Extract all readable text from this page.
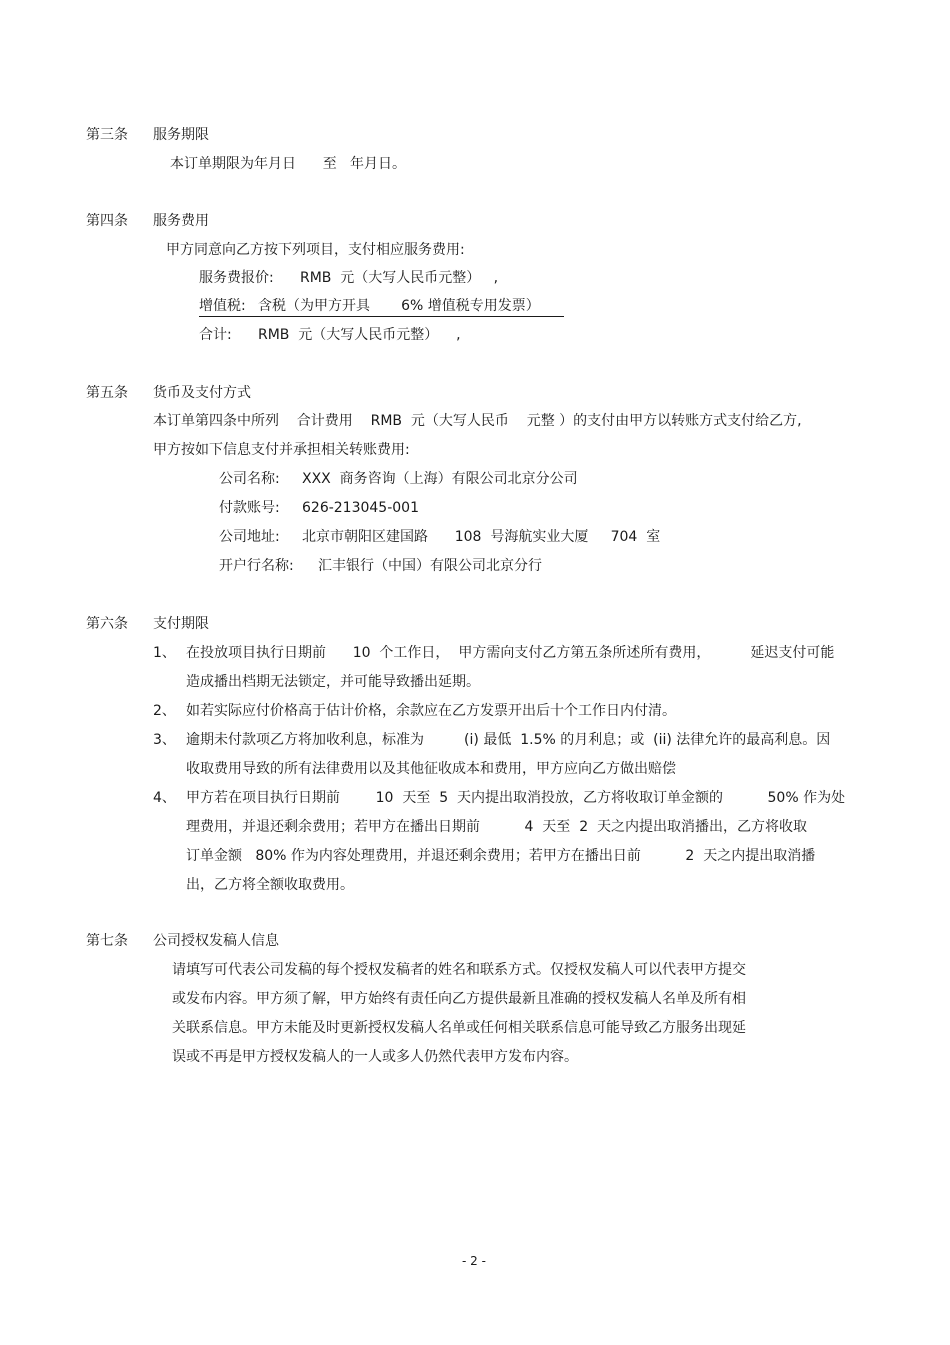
第三条 服务期限
本订单期限为年月日      至   年月日。
第四条 服务费用
甲方同意向乙方按下列项目，支付相应服务费用:
服务费报价: RMB  元（大写人民币元整）   ,
增值税: 含税（为甲方开具       6% 增值税专用发票）
合计: RMB  元（大写人民币元整）    ,
第五条 货币及支付方式
本订单第四条中所列    合计费用    RMB  元（大写人民币    元整 ）的支付由甲方以转账方式支付给乙方,
甲方按如下信息支付并承担相关转账费用:
公司名称: XXX  商务咨询（上海）有限公司北京分公司
付款账号: 626-213045-001
公司地址: 北京市朝阳区建国路      108  号海航实业大厦     704  室
开户行名称: 汇丰银行（中国）有限公司北京分行
第六条 支付期限
1、 在投放项目执行日期前      10  个工作日，  甲方需向支付乙方第五条所述所有费用，         延迟支付可能
造成播出档期无法锁定，并可能导致播出延期。
2、 如若实际应付价格高于估计价格，余款应在乙方发票开出后十个工作日内付清。
3、 逾期未付款项乙方将加收利息，标准为         (i) 最低  1.5% 的月利息；或  (ii) 法律允许的最高利息。因
收取费用导致的所有法律费用以及其他征收成本和费用，甲方应向乙方做出赔偿
4、 甲方若在项目执行日期前        10  天至  5  天内提出取消投放，乙方将收取订单金额的          50% 作为处
理费用，并退还剩余费用；若甲方在播出日期前          4  天至  2  天之内提出取消播出，乙方将收取
订单金额   80% 作为内容处理费用，并退还剩余费用；若甲方在播出日前          2  天之内提出取消播
出，乙方将全额收取费用。
第七条 公司授权发稿人信息
请填写可代表公司发稿的每个授权发稿者的姓名和联系方式。仅授权发稿人可以代表甲方提交
或发布内容。甲方须了解，甲方始终有责任向乙方提供最新且准确的授权发稿人名单及所有相
关联系信息。甲方未能及时更新授权发稿人名单或任何相关联系信息可能导致乙方服务出现延
误或不再是甲方授权发稿人的一人或多人仍然代表甲方发布内容。
- 2 -
